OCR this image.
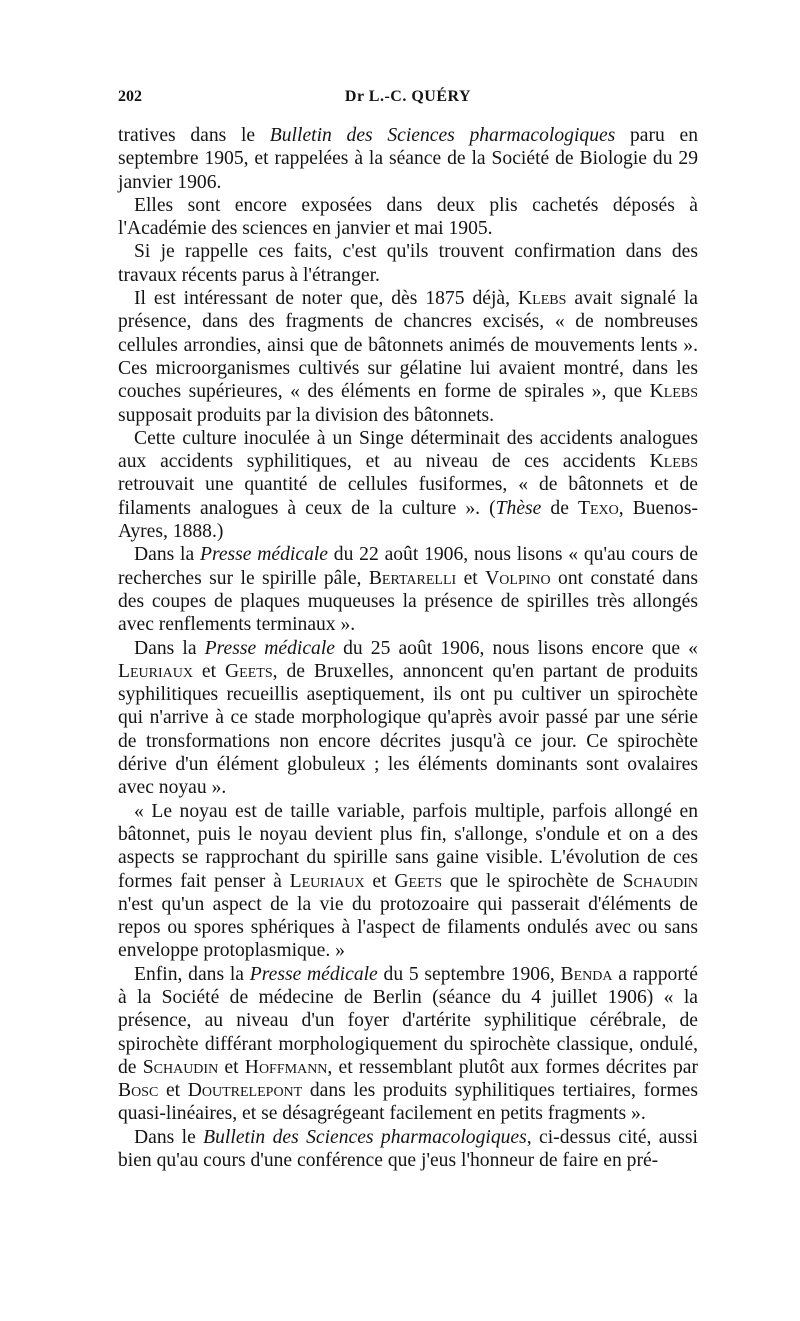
202	Dr L.-C. QUÉRY

tratives dans le Bulletin des Sciences pharmacologiques paru en septembre 1905, et rappelées à la séance de la Société de Biologie du 29 janvier 1906.

Elles sont encore exposées dans deux plis cachetés déposés à l'Académie des sciences en janvier et mai 1905.

Si je rappelle ces faits, c'est qu'ils trouvent confirmation dans des travaux récents parus à l'étranger.

Il est intéressant de noter que, dès 1875 déjà, Klebs avait signalé la présence, dans des fragments de chancres excisés, « de nombreuses cellules arrondies, ainsi que de bâtonnets animés de mouvements lents ». Ces microorganismes cultivés sur gélatine lui avaient montré, dans les couches supérieures, « des éléments en forme de spirales », que Klebs supposait produits par la division des bâtonnets.

Cette culture inoculée à un Singe déterminait des accidents analogues aux accidents syphilitiques, et au niveau de ces accidents Klebs retrouvait une quantité de cellules fusiformes, « de bâtonnets et de filaments analogues à ceux de la culture ». (Thèse de Texo, Buenos-Ayres, 1888.)

Dans la Presse médicale du 22 août 1906, nous lisons « qu'au cours de recherches sur le spirille pâle, Bertarelli et Volpino ont constaté dans des coupes de plaques muqueuses la présence de spirilles très allongés avec renflements terminaux ».

Dans la Presse médicale du 25 août 1906, nous lisons encore que « Leuriaux et Geets, de Bruxelles, annoncent qu'en partant de produits syphilitiques recueillis aseptiquement, ils ont pu cultiver un spirochète qui n'arrive à ce stade morphologique qu'après avoir passé par une série de tronsformations non encore décrites jusqu'à ce jour. Ce spirochète dérive d'un élément globuleux ; les éléments dominants sont ovalaires avec noyau ».

« Le noyau est de taille variable, parfois multiple, parfois allongé en bâtonnet, puis le noyau devient plus fin, s'allonge, s'ondule et on a des aspects se rapprochant du spirille sans gaine visible. L'évolution de ces formes fait penser à Leuriaux et Geets que le spirochète de Schaudin n'est qu'un aspect de la vie du protozoaire qui passerait d'éléments de repos ou spores sphériques à l'aspect de filaments ondulés avec ou sans enveloppe protoplasmique. »

Enfin, dans la Presse médicale du 5 septembre 1906, Benda a rapporté à la Société de médecine de Berlin (séance du 4 juillet 1906) « la présence, au niveau d'un foyer d'artérite syphilitique cérébrale, de spirochète différant morphologiquement du spirochète classique, ondulé, de Schaudin et Hoffmann, et ressemblant plutôt aux formes décrites par Bosc et Doutrelepont dans les produits syphilitiques tertiaires, formes quasi-linéaires, et se désagrégeant facilement en petits fragments ».

Dans le Bulletin des Sciences pharmacologiques, ci-dessus cité, aussi bien qu'au cours d'une conférence que j'eus l'honneur de faire en pré-
